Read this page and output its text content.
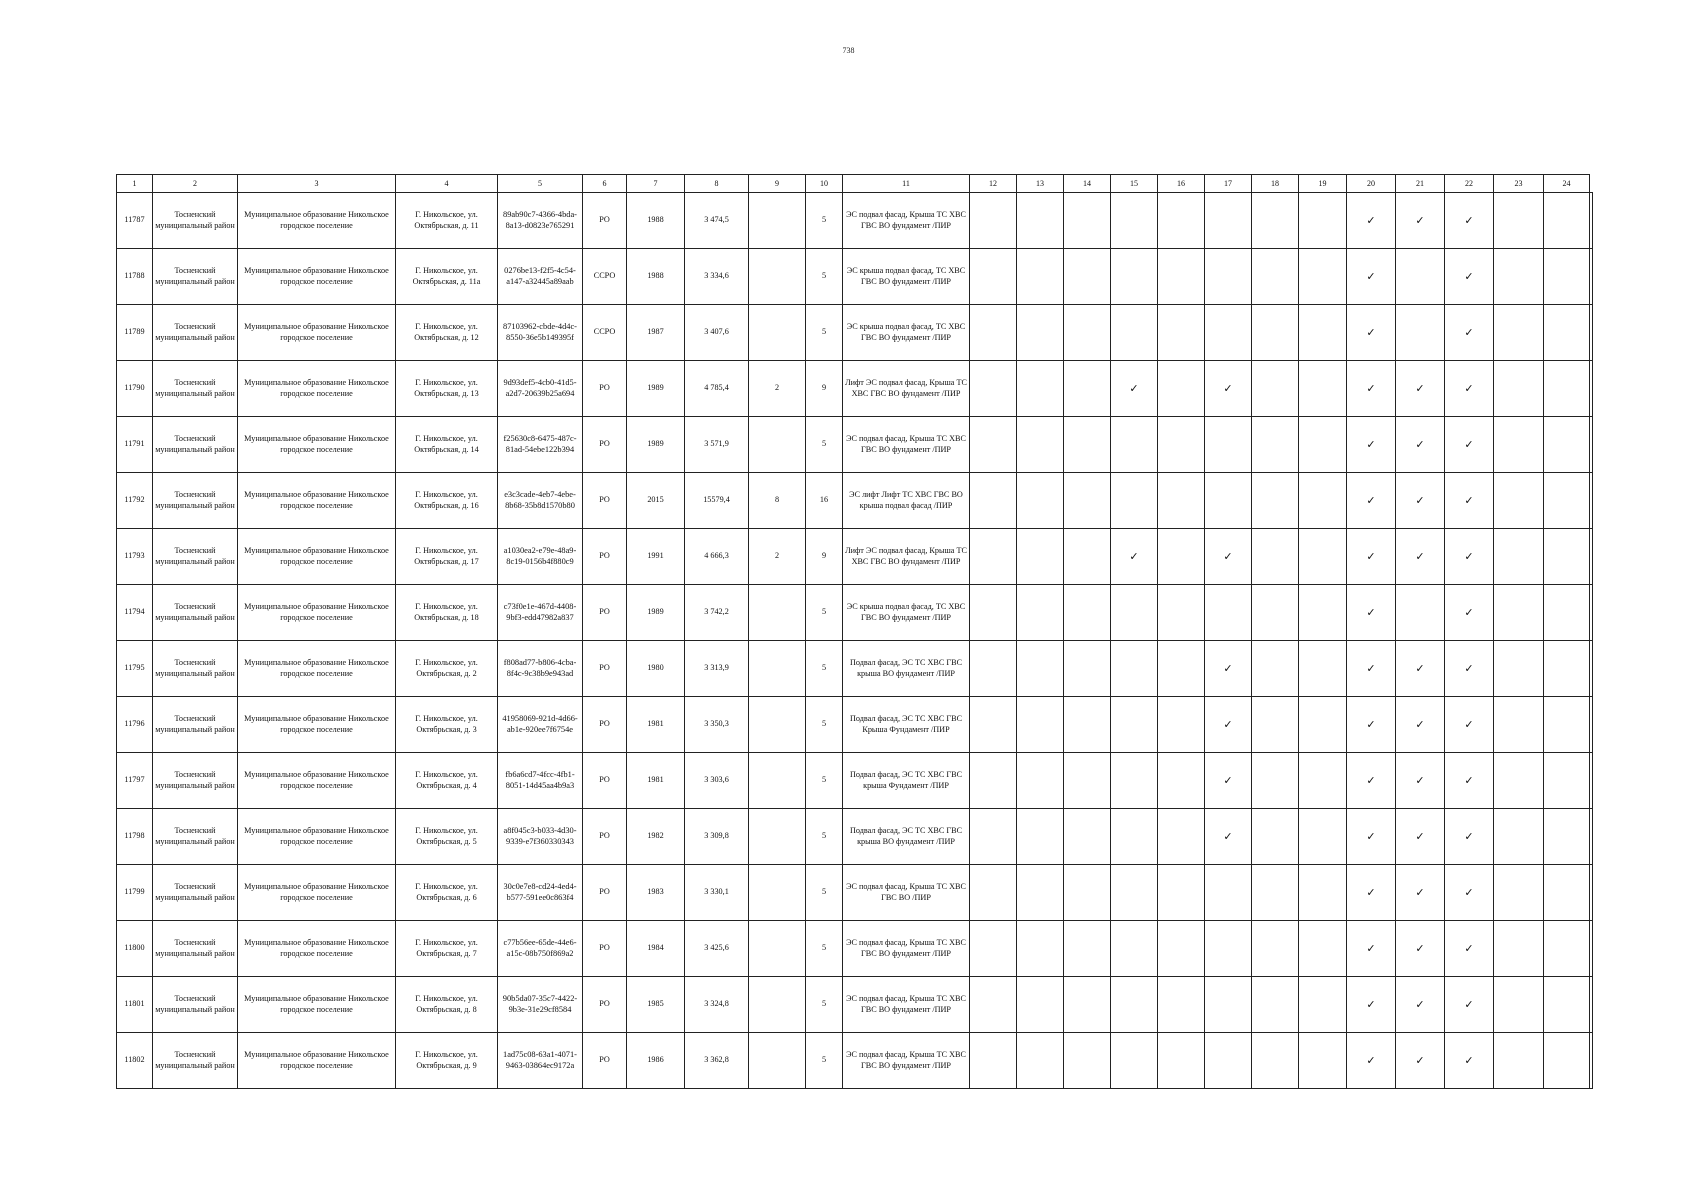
738
1	2	3	4	5	6	7	8	9	10	11	12	13	14	15	16	17	18	19	20	21	22	23	24	
11787	Тосненский муниципальный район	Муниципальное образование Никольское городское поселение	Г. Никольское, ул. Октябрьская, д. 11	89ab90c7-4366-4bda-8a13-d0823e765291	РО	1988	3 474,5		5	ЭС подвал фасад, Крыша ТС ХВС ГВС ВО фундамент /ПИР									✓	✓	✓			
11788	Тосненский муниципальный район	Муниципальное образование Никольское городское поселение	Г. Никольское, ул. Октябрьская, д. 11а	0276be13-f2f5-4c54-a147-a32445a89aab	ССРО	1988	3 334,6		5	ЭС крыша подвал фасад, ТС ХВС ГВС ВО фундамент /ПИР									✓		✓			
11789	Тосненский муниципальный район	Муниципальное образование Никольское городское поселение	Г. Никольское, ул. Октябрьская, д. 12	87103962-cbde-4d4c-8550-36e5b149395f	ССРО	1987	3 407,6		5	ЭС крыша подвал фасад, ТС ХВС ГВС ВО фундамент /ПИР									✓		✓			
11790	Тосненский муниципальный район	Муниципальное образование Никольское городское поселение	Г. Никольское, ул. Октябрьская, д. 13	9d93def5-4cb0-41d5-a2d7-20639b25a694	РО	1989	4 785,4	2	9	Лифт ЭС подвал фасад, Крыша ТС ХВС ГВС ВО фундамент /ПИР				✓		✓			✓	✓	✓			
11791	Тосненский муниципальный район	Муниципальное образование Никольское городское поселение	Г. Никольское, ул. Октябрьская, д. 14	f25630c8-6475-487c-81ad-54ebe122b394	РО	1989	3 571,9		5	ЭС подвал фасад, Крыша ТС ХВС ГВС ВО фундамент /ПИР									✓	✓	✓			
11792	Тосненский муниципальный район	Муниципальное образование Никольское городское поселение	Г. Никольское, ул. Октябрьская, д. 16	e3c3cade-4eb7-4ebe-8b68-35b8d1570b80	РО	2015	15579,4	8	16	ЭС лифт Лифт ТС ХВС ГВС ВО крыша подвал фасад /ПИР									✓	✓	✓			
11793	Тосненский муниципальный район	Муниципальное образование Никольское городское поселение	Г. Никольское, ул. Октябрьская, д. 17	a1030ea2-e79e-48a9-8c19-0156b4f880c9	РО	1991	4 666,3	2	9	Лифт ЭС подвал фасад, Крыша ТС ХВС ГВС ВО фундамент /ПИР				✓		✓			✓	✓	✓			
11794	Тосненский муниципальный район	Муниципальное образование Никольское городское поселение	Г. Никольское, ул. Октябрьская, д. 18	c73f0e1e-467d-4408-9bf3-edd47982a837	РО	1989	3 742,2		5	ЭС крыша подвал фасад, ТС ХВС ГВС ВО фундамент /ПИР									✓		✓			
11795	Тосненский муниципальный район	Муниципальное образование Никольское городское поселение	Г. Никольское, ул. Октябрьская, д. 2	f808ad77-b806-4cba-8f4c-9c38b9e943ad	РО	1980	3 313,9		5	Подвал фасад, ЭС ТС ХВС ГВС крыша ВО фундамент /ПИР						✓			✓	✓	✓			
11796	Тосненский муниципальный район	Муниципальное образование Никольское городское поселение	Г. Никольское, ул. Октябрьская, д. 3	41958069-921d-4d66-ab1e-920ee7f6754e	РО	1981	3 350,3		5	Подвал фасад, ЭС ТС ХВС ГВС Крыша Фундамент /ПИР						✓			✓	✓	✓			
11797	Тосненский муниципальный район	Муниципальное образование Никольское городское поселение	Г. Никольское, ул. Октябрьская, д. 4	fb6a6cd7-4fcc-4fb1-8051-14d45aa4b9a3	РО	1981	3 303,6		5	Подвал фасад, ЭС ТС ХВС ГВС крыша Фундамент /ПИР						✓			✓	✓	✓			
11798	Тосненский муниципальный район	Муниципальное образование Никольское городское поселение	Г. Никольское, ул. Октябрьская, д. 5	a8f045c3-b033-4d30-9339-e7f360330343	РО	1982	3 309,8		5	Подвал фасад, ЭС ТС ХВС ГВС крыша ВО фундамент /ПИР						✓			✓	✓	✓			
11799	Тосненский муниципальный район	Муниципальное образование Никольское городское поселение	Г. Никольское, ул. Октябрьская, д. 6	30c0e7e8-cd24-4ed4-b577-591ee0c863f4	РО	1983	3 330,1		5	ЭС подвал фасад, Крыша ТС ХВС ГВС ВО /ПИР									✓	✓	✓			
11800	Тосненский муниципальный район	Муниципальное образование Никольское городское поселение	Г. Никольское, ул. Октябрьская, д. 7	c77b56ee-65de-44e6-a15c-08b750f869a2	РО	1984	3 425,6		5	ЭС подвал фасад, Крыша ТС ХВС ГВС ВО фундамент /ПИР									✓	✓	✓			
11801	Тосненский муниципальный район	Муниципальное образование Никольское городское поселение	Г. Никольское, ул. Октябрьская, д. 8	90b5da07-35c7-4422-9b3e-31e29cf8584	РО	1985	3 324,8		5	ЭС подвал фасад, Крыша ТС ХВС ГВС ВО фундамент /ПИР									✓	✓	✓			
11802	Тосненский муниципальный район	Муниципальное образование Никольское городское поселение	Г. Никольское, ул. Октябрьская, д. 9	1ad75c08-63a1-4071-9463-03864ec9172a	РО	1986	3 362,8		5	ЭС подвал фасад, Крыша ТС ХВС ГВС ВО фундамент /ПИР									✓	✓	✓			
